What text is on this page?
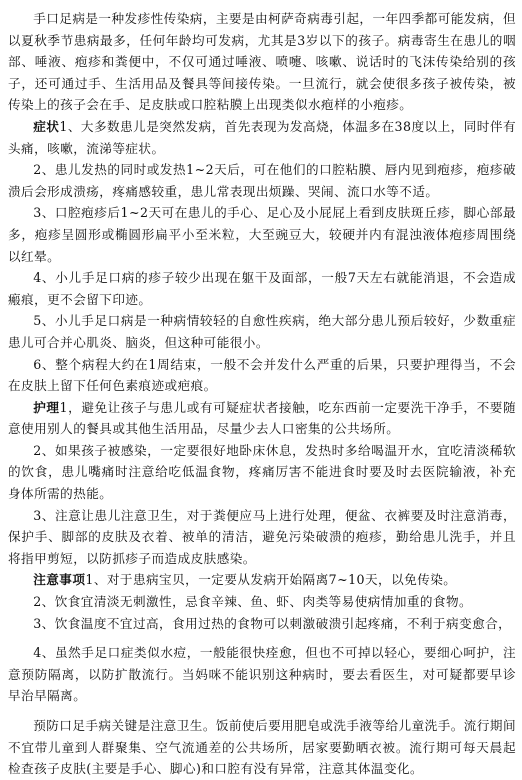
手口足病是一种发疹性传染病，主要是由柯萨奇病毒引起，一年四季都可能发病，但以夏秋季节患病最多，任何年龄均可发病，尤其是3岁以下的孩子。病毒寄生在患儿的咽部、唾液、疱疹和粪便中，不仅可通过唾液、喷嚏、咳嗽、说话时的飞沫传染给别的孩子，还可通过手、生活用品及餐具等间接传染。一旦流行，就会使很多孩子被传染，被传染上的孩子会在手、足皮肤或口腔粘膜上出现类似水疱样的小疱疹。

症状1、大多数患儿是突然发病，首先表现为发高烧，体温多在38度以上，同时伴有头痛，咳嗽，流涕等症状。

2、患儿发热的同时或发热1~2天后，可在他们的口腔粘膜、唇内见到疱疹，疱疹破溃后会形成溃疡，疼痛感较重，患儿常表现出烦躁、哭闹、流口水等不适。

3、口腔疱疹后1~2天可在患儿的手心、足心及小屁屁上看到皮肤斑丘疹，脚心部最多，疱疹呈圆形或椭圆形扁平小至米粒，大至豌豆大，较硬并内有混浊液体疱疹周围绕以红晕。

4、小儿手足口病的疹子较少出现在躯干及面部，一般7天左右就能消退，不会造成瘢痕，更不会留下印迹。

5、小儿手足口病是一种病情较轻的自愈性疾病，绝大部分患儿预后较好，少数重症患儿可合并心肌炎、脑炎，但这种可能很小。

6、整个病程大约在1周结束，一般不会并发什么严重的后果，只要护理得当，不会在皮肤上留下任何色素痕迹或疤痕。

护理1，避免让孩子与患儿或有可疑症状者接触，吃东西前一定要洗干净手，不要随意使用别人的餐具或其他生活用品，尽量少去人口密集的公共场所。

2、如果孩子被感染，一定要很好地卧床休息，发热时多给喝温开水，宜吃清淡稀软的饮食，患儿嘴痛时注意给吃低温食物，疼痛厉害不能进食时要及时去医院输液，补充身体所需的热能。

3、注意让患儿注意卫生，对于粪便应马上进行处理，便盆、衣裤要及时注意消毒，保护手、脚部的皮肤及衣着、被单的清洁，避免污染破溃的疱疹，勤给患儿洗手，并且将指甲剪短，以防抓疹子而造成皮肤感染。

注意事项1、对于患病宝贝，一定要从发病开始隔离7~10天，以免传染。

2、饮食宜清淡无刺激性，忌食辛辣、鱼、虾、肉类等易使病情加重的食物。

3、饮食温度不宜过高，食用过热的食物可以刺激破溃引起疼痛，不利于病变愈合，

4、虽然手足口症类似水痘，一般能很快痊愈，但也不可掉以轻心，要细心呵护，注意预防隔离，以防扩散流行。当妈咪不能识别这种病时，要去看医生，对可疑都要早诊早治早隔离。

预防口足手病关键是注意卫生。饭前使后要用肥皂或洗手液等给儿童洗手。流行期间不宜带儿童到人群聚集、空气流通差的公共场所，居家要勤晒衣被。流行期可每天晨起检查孩子皮肤(主要是手心、脚心)和口腔有没有异常，注意其体温变化。
